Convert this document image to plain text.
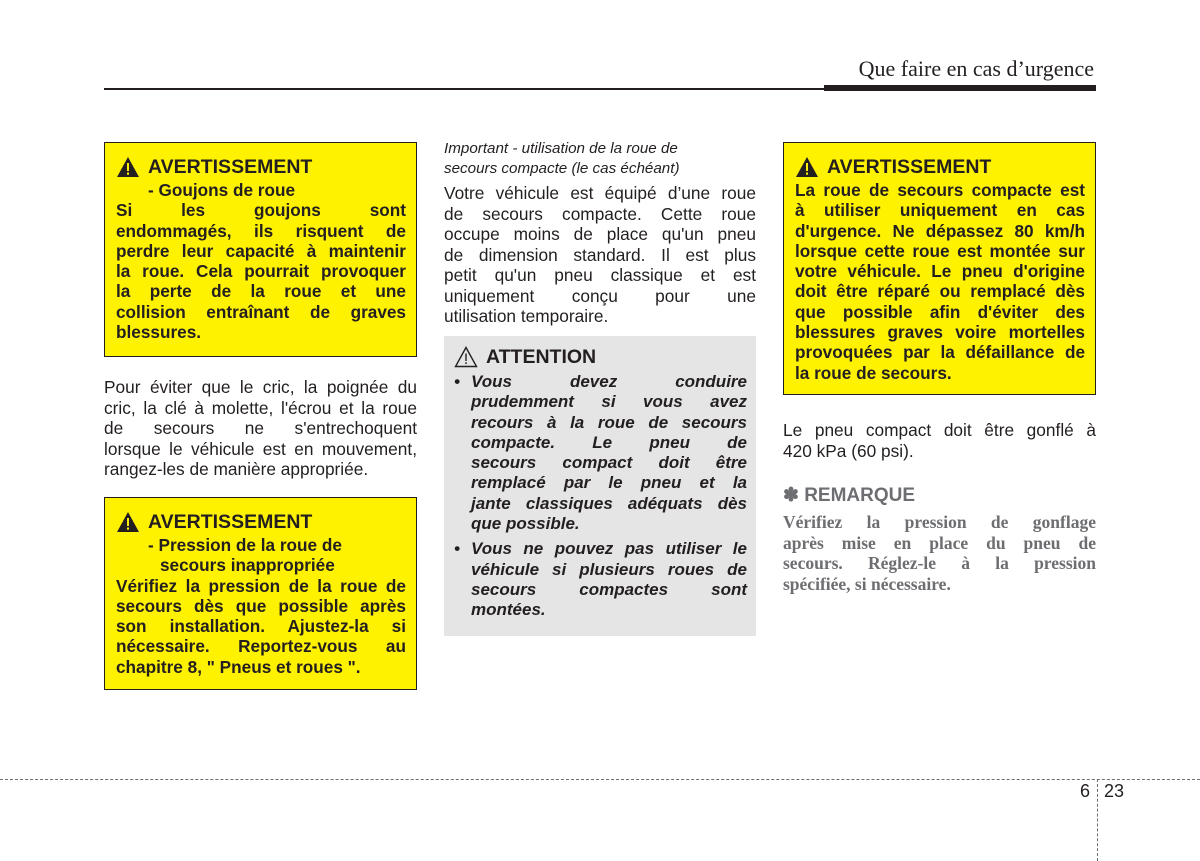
Que faire en cas d’urgence
AVERTISSEMENT
- Goujons de roue
Si les goujons sont
endommagés, ils risquent de
perdre leur capacité à maintenir
la roue. Cela pourrait provoquer
la perte de la roue et une
collision entraînant de graves
blessures.
Pour éviter que le cric, la poignée du
cric, la clé à molette, l'écrou et la roue
de secours ne s'entrechoquent
lorsque le véhicule est en mouvement,
rangez-les de manière appropriée.
AVERTISSEMENT
- Pression de la roue de
secours inappropriée
Vérifiez la pression de la roue de
secours dès que possible après
son installation. Ajustez-la si
nécessaire. Reportez-vous au
chapitre 8, " Pneus et roues ".
Important - utilisation de la roue de
secours compacte (le cas échéant)
Votre véhicule est équipé d’une roue
de secours compacte. Cette roue
occupe moins de place qu'un pneu
de dimension standard. Il est plus
petit qu'un pneu classique et est
uniquement conçu pour une
utilisation temporaire.
ATTENTION
• Vous devez conduire
prudemment si vous avez
recours à la roue de secours
compacte. Le pneu de
secours compact doit être
remplacé par le pneu et la
jante classiques adéquats dès
que possible.
• Vous ne pouvez pas utiliser le
véhicule si plusieurs roues de
secours compactes sont
montées.
AVERTISSEMENT
La roue de secours compacte est
à utiliser uniquement en cas
d'urgence. Ne dépassez 80 km/h
lorsque cette roue est montée sur
votre véhicule. Le pneu d'origine
doit être réparé ou remplacé dès
que possible afin d'éviter des
blessures graves voire mortelles
provoquées par la défaillance de
la roue de secours.
Le pneu compact doit être gonflé à
420 kPa (60 psi).
✽ REMARQUE
Vérifiez la pression de gonflage
après mise en place du pneu de
secours. Réglez-le à la pression
spécifiée, si nécessaire.
6 23
